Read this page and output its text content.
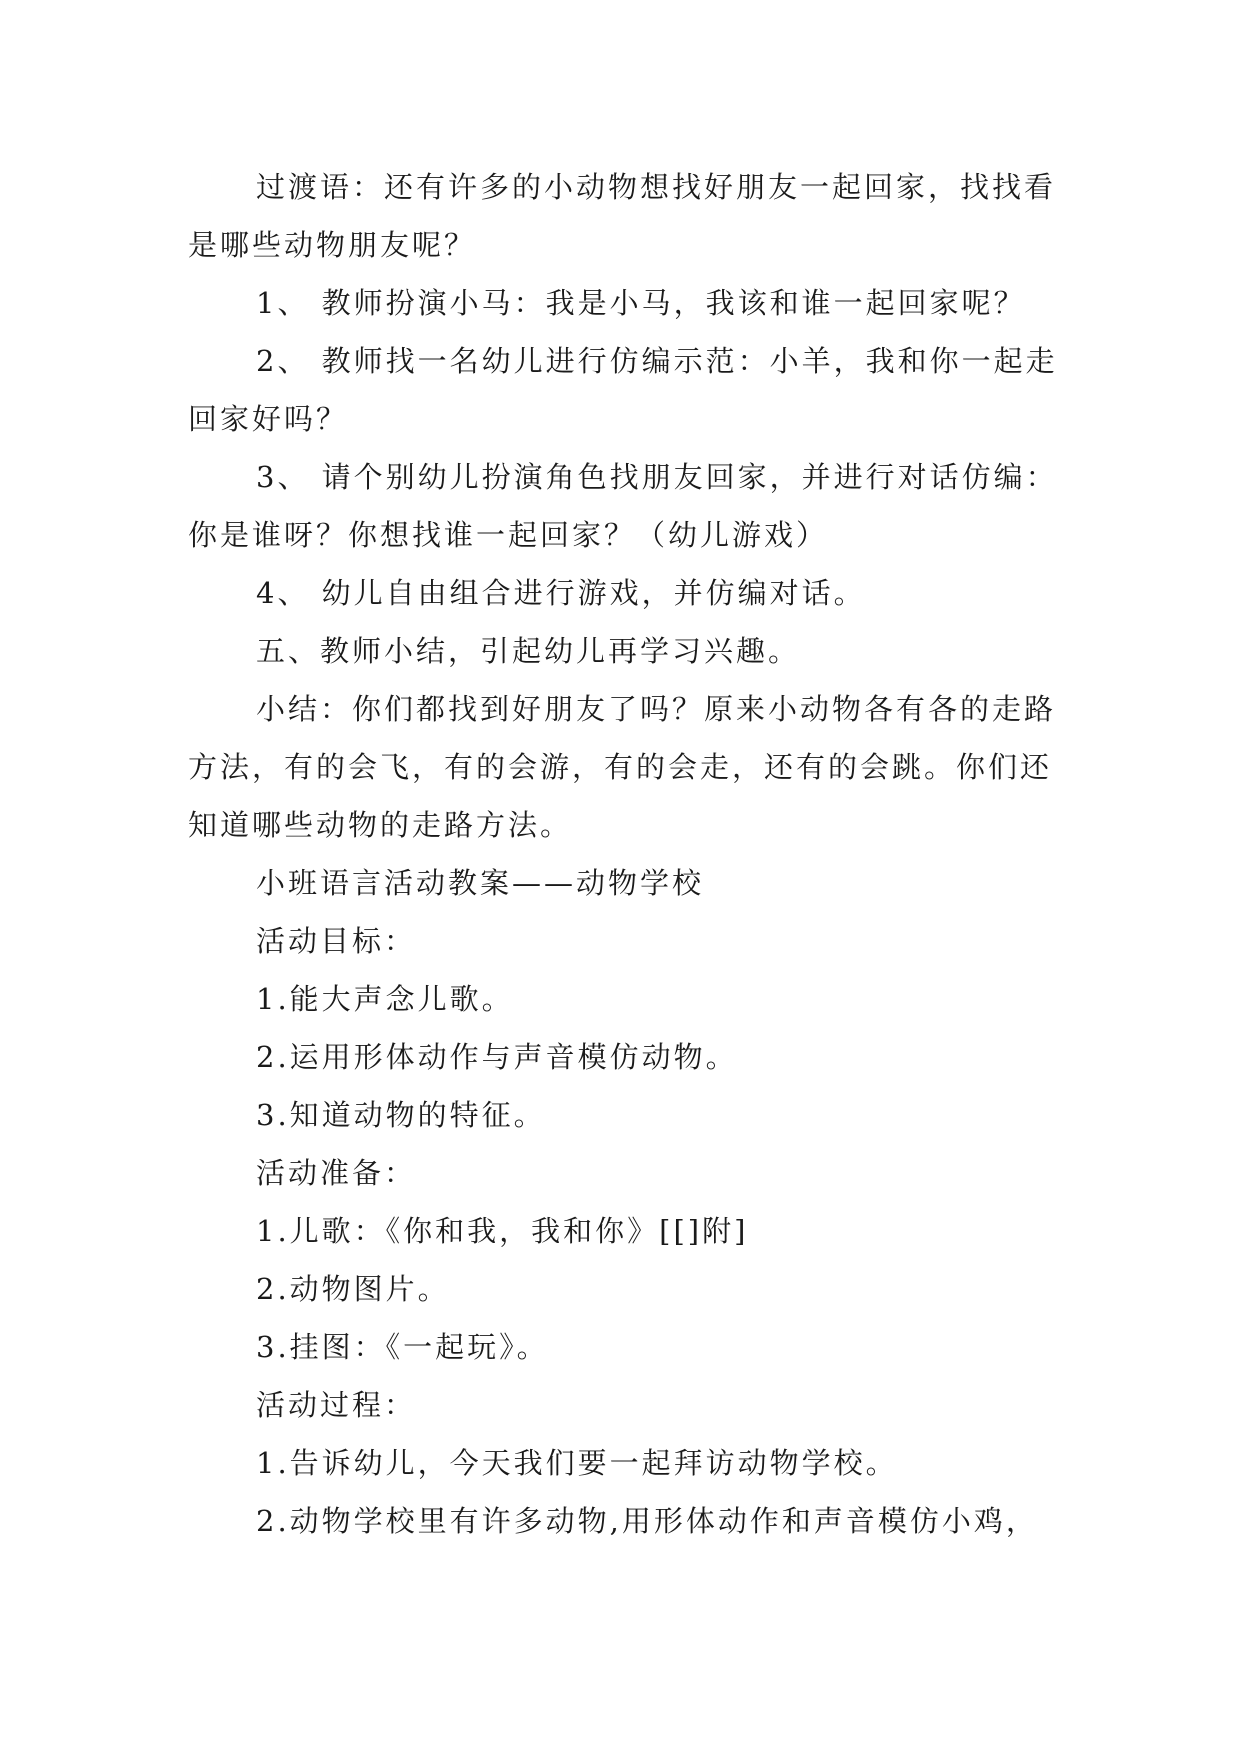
过渡语：还有许多的小动物想找好朋友一起回家，找找看是哪些动物朋友呢？

1、 教师扮演小马：我是小马，我该和谁一起回家呢？

2、 教师找一名幼儿进行仿编示范：小羊，我和你一起走回家好吗？

3、 请个别幼儿扮演角色找朋友回家，并进行对话仿编：你是谁呀？你想找谁一起回家？（幼儿游戏）

4、 幼儿自由组合进行游戏，并仿编对话。

五、教师小结，引起幼儿再学习兴趣。

小结：你们都找到好朋友了吗？原来小动物各有各的走路方法，有的会飞，有的会游，有的会走，还有的会跳。你们还知道哪些动物的走路方法。

小班语言活动教案——动物学校

活动目标：

1.能大声念儿歌。

2.运用形体动作与声音模仿动物。

3.知道动物的特征。

活动准备：

1.儿歌：《你和我，我和你》[[]附]

2.动物图片。

3.挂图：《一起玩》。

活动过程：

1.告诉幼儿，今天我们要一起拜访动物学校。

2.动物学校里有许多动物,用形体动作和声音模仿小鸡，
